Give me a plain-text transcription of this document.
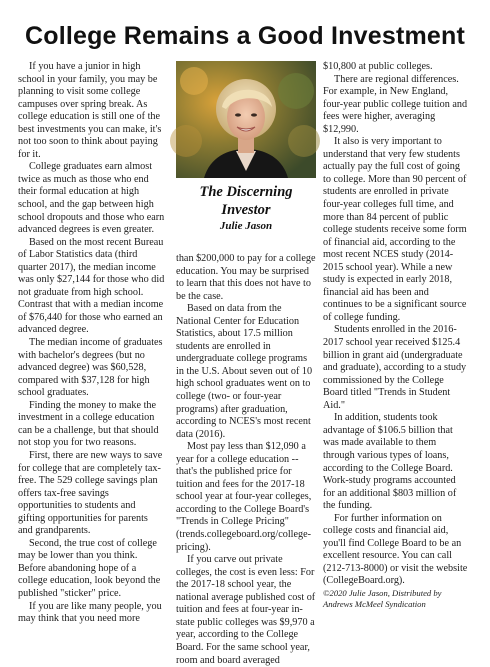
College Remains a Good Investment

If you have a junior in high school in your family, you may be planning to visit some college campuses over spring break. As college education is still one of the best investments you can make, it's not too soon to think about paying for it.

College graduates earn almost twice as much as those who end their formal education at high school, and the gap between high school dropouts and those who earn advanced degrees is even greater.

Based on the most recent Bureau of Labor Statistics data (third quarter 2017), the median income was only $27,144 for those who did not graduate from high school. Contrast that with a median income of $76,440 for those who earned an advanced degree.

The median income of graduates with bachelor's degrees (but no advanced degree) was $60,528, compared with $37,128 for high school graduates.

Finding the money to make the investment in a college education can be a challenge, but that should not stop you for two reasons.

First, there are new ways to save for college that are completely tax-free. The 529 college savings plan offers tax-free savings opportunities to students and gifting opportunities for parents and grandparents.

Second, the true cost of college may be lower than you think. Before abandoning hope of a college education, look beyond the published "sticker" price.

If you are like many people, you may think that you need more

The Discerning Investor
Julie Jason

than $200,000 to pay for a college education. You may be surprised to learn that this does not have to be the case.

Based on data from the National Center for Education Statistics, about 17.5 million students are enrolled in undergraduate college programs in the U.S. About seven out of 10 high school graduates went on to college (two- or four-year programs) after graduation, according to NCES's most recent data (2016).

Most pay less than $12,090 a year for a college education -- that's the published price for tuition and fees for the 2017-18 school year at four-year colleges, according to the College Board's "Trends in College Pricing" (trends.collegeboard.org/college-pricing).

If you carve out private colleges, the cost is even less: For the 2017-18 school year, the national average published cost of tuition and fees at four-year in-state public colleges was $9,970 a year, according to the College Board. For the same school year, room and board averaged

$10,800 at public colleges.

There are regional differences. For example, in New England, four-year public college tuition and fees were higher, averaging $12,990.

It also is very important to understand that very few students actually pay the full cost of going to college. More than 90 percent of students are enrolled in private four-year colleges full time, and more than 84 percent of public college students receive some form of financial aid, according to the most recent NCES study (2014-2015 school year). While a new study is expected in early 2018, financial aid has been and continues to be a significant source of college funding.

Students enrolled in the 2016-2017 school year received $125.4 billion in grant aid (undergraduate and graduate), according to a study commissioned by the College Board titled "Trends in Student Aid."

In addition, students took advantage of $106.5 billion that was made available to them through various types of loans, according to the College Board. Work-study programs accounted for an additional $803 million of the funding.

For further information on college costs and financial aid, you'll find College Board to be an excellent resource. You can call (212-713-8000) or visit the website (CollegeBoard.org).

©2020 Julie Jason, Distributed by Andrews McMeel Syndication
